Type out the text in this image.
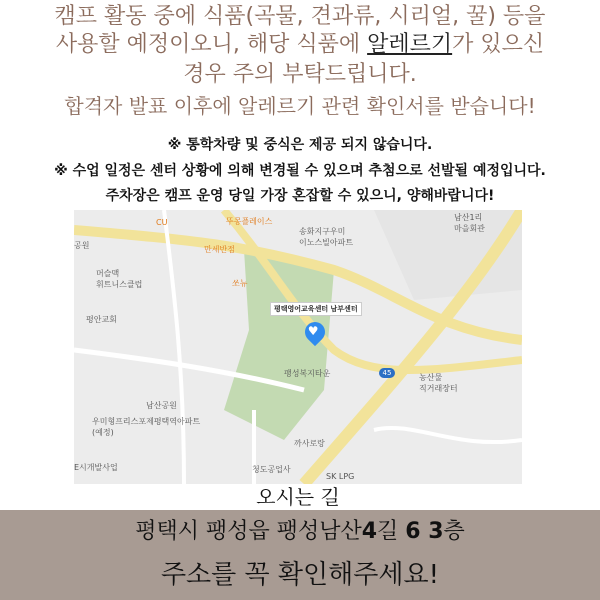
캠프 활동 중에 식품(곡물, 견과류, 시리얼, 꿀) 등을
사용할 예정이오니, 해당 식품에 알레르기가 있으신
경우 주의 부탁드립니다.
합격자 발표 이후에 알레르기 관련 확인서를 받습니다!
※ 통학차량 및 중식은 제공 되지 않습니다.
※ 수업 일정은 센터 상황에 의해 변경될 수 있으며 추첨으로 선발될 예정입니다.
주차장은 캠프 운영 당일 가장 혼잡할 수 있으니, 양해바랍니다!
CU	뚜몽플레이스
송화지구우미
이노스빌아파트
남산1리
마을회관
공원	만세반점
머슬맥
휘트니스클럽	쏘뉴
평안교회
평택영어교육센터 남부센터
♥
팽성복지타운	농산물
직거래장터
45
남산공원
우미형프리스포제평택역아파트
(예정)
까사로랑
청도공업사
SK LPG
E시개발사업
오시는 길
평택시 팽성읍 팽성남산4길 6 3층
주소를 꼭 확인해주세요!
